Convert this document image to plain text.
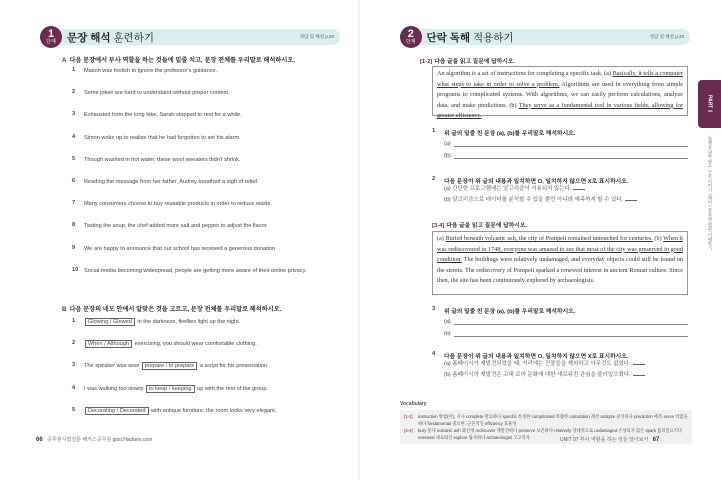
1
단계 문장 해석 훈련하기	정답 및 해설 p.20
A 다음 문장에서 부사 역할을 하는 것들에 밑줄 치고, 문장 전체를 우리말로 해석하시오.
1	Mason was foolish to ignore the professor's guidance.
2	Some jokes are hard to understand without proper context.
3	Exhausted from the long hike, Sarah stopped to rest for a while.
4	Simon woke up to realize that he had forgotten to set his alarm.
5	Though washed in hot water, these wool sweaters didn't shrink.
6	Reading the message from her father, Audrey breathed a sigh of relief.
7	Many consumers choose to buy reusable products in order to reduce waste.
8	Tasting the soup, the chef added more salt and pepper to adjust the flavor.
9	We are happy to announce that our school has received a generous donation.
10	Social media becoming widespread, people are getting more aware of their online privacy.
B 다음 문장의 네모 안에서 알맞은 것을 고르고, 문장 전체를 우리말로 해석하시오.
1	Glowing / Glowed in the darkness, fireflies light up the night.
2	When / Although exercising, you should wear comfortable clothing.
3	The speaker was wise prepare / to prepare a script for his presentation.
4	I was walking too slowly to keep / keeping up with the rest of the group.
5	Decorating / Decorated with antique furniture, the room looks very elegant.
66 공무원시험전문 해커스공무원 gosi.Hackers.com
2
단계 단락 독해 적용하기	정답 및 해설 p.20
[1-2] 다음 글을 읽고 질문에 답하시오.
An algorithm is a set of instructions for completing a specific task. (a) Basically, it tells a computer what steps to take in order to solve a problem. Algorithms are used in everything from simple programs to complicated systems. With algorithms, we can easily perform calculations, analyze data, and make predictions. (b) They serve as a fundamental tool in various fields, allowing for greater efficiency.
1	위 글의 밑줄 친 문장 (a), (b)를 우리말로 해석하시오.
(a)
(b)
2	다음 문장이 위 글의 내용과 일치하면 O, 일치하지 않으면 X로 표시하시오.
(a) 간단한 프로그램에는 알고리즘이 사용되지 않는다.
(b) 알고리즘으로 데이터를 분석할 수 있을 뿐만 아니라 예측까지 할 수 있다.
[3-4] 다음 글을 읽고 질문에 답하시오.
(a) Buried beneath volcanic ash, the city of Pompeii remained untouched for centuries. (b) When it was rediscovered in 1748, everyone was amazed to see that most of the city was preserved in good condition. The buildings were relatively undamaged, and everyday objects could still be found on the streets. The rediscovery of Pompeii sparked a renewed interest in ancient Roman culture. Since then, the site has been continuously explored by archaeologists.
3	위 글의 밑줄 친 문장 (a), (b)를 우리말로 해석하시오.
(a)
(b)
4	다음 문장이 위 글의 내용과 일치하면 O, 일치하지 않으면 X로 표시하시오.
(a) 폼페이시가 재발견되었을 때, 거리에는 건물들을 제외하고 아무것도 없었다.
(b) 폼페이시의 재발견은 고대 로마 문화에 대한 새로워진 관심을 불러일으켰다.
Vocabulary
[1-2]	instruction 방법(이), 지시 complete 완료하다 specific 특정한 complicated 복잡한 calculation 계산 analyze 분석하다 prediction 예측 serve 역할을 하다 fundamental 중요한, 근본적인 efficiency 효율성
[3-4]	bury 묻다 volcanic ash 화산재 rediscover 재발견하다 preserve 보존하다 relatively 상대적으로 undamaged 손상되지 않은 spark 불러일으키다 renewed 새로워진 explore 탐사하다 archaeologist 고고학자
PART 1
독해를 위한 필수 구문 익히기 | 해커스공무원 법원 이해하기
UNIT 07 부사 역할을 하는 것들 알아보기 67
